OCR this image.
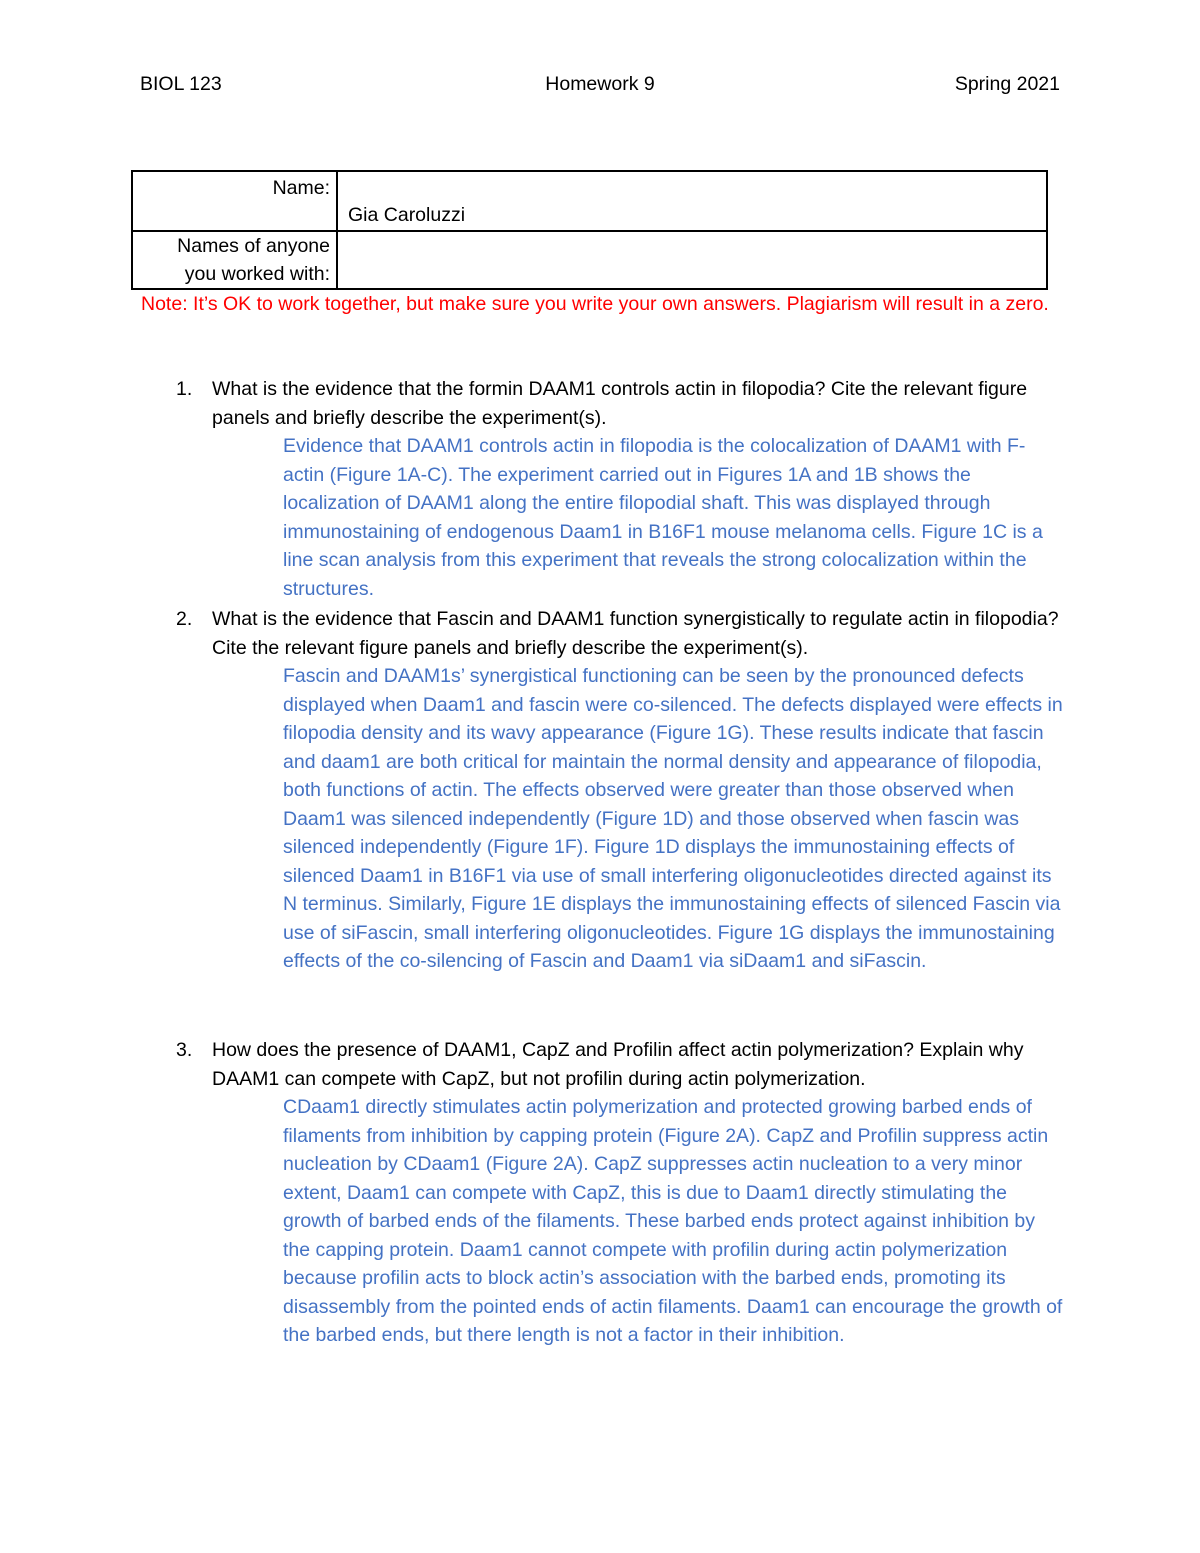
BIOL 123	Homework 9	Spring 2021
Name:	Gia Caroluzzi

Names of anyone
you worked with:	

Note: It’s OK to work together, but make sure you write your own answers. Plagiarism will result in a zero.
1. What is the evidence that the formin DAAM1 controls actin in filopodia? Cite the relevant figure panels and briefly describe the experiment(s).
Evidence that DAAM1 controls actin in filopodia is the colocalization of DAAM1 with F-actin (Figure 1A-C). The experiment carried out in Figures 1A and 1B shows the localization of DAAM1 along the entire filopodial shaft. This was displayed through immunostaining of endogenous Daam1 in B16F1 mouse melanoma cells. Figure 1C is a line scan analysis from this experiment that reveals the strong colocalization within the structures.
2. What is the evidence that Fascin and DAAM1 function synergistically to regulate actin in filopodia? Cite the relevant figure panels and briefly describe the experiment(s).
Fascin and DAAM1s’ synergistical functioning can be seen by the pronounced defects displayed when Daam1 and fascin were co-silenced. The defects displayed were effects in filopodia density and its wavy appearance (Figure 1G). These results indicate that fascin and daam1 are both critical for maintain the normal density and appearance of filopodia, both functions of actin. The effects observed were greater than those observed when Daam1 was silenced independently (Figure 1D) and those observed when fascin was silenced independently (Figure 1F). Figure 1D displays the immunostaining effects of silenced Daam1 in B16F1 via use of small interfering oligonucleotides directed against its N terminus. Similarly, Figure 1E displays the immunostaining effects of silenced Fascin via use of siFascin, small interfering oligonucleotides. Figure 1G displays the immunostaining effects of the co-silencing of Fascin and Daam1 via siDaam1 and siFascin.
3. How does the presence of DAAM1, CapZ and Profilin affect actin polymerization? Explain why DAAM1 can compete with CapZ, but not profilin during actin polymerization.
CDaam1 directly stimulates actin polymerization and protected growing barbed ends of filaments from inhibition by capping protein (Figure 2A). CapZ and Profilin suppress actin nucleation by CDaam1 (Figure 2A). CapZ suppresses actin nucleation to a very minor extent, Daam1 can compete with CapZ, this is due to Daam1 directly stimulating the growth of barbed ends of the filaments. These barbed ends protect against inhibition by the capping protein. Daam1 cannot compete with profilin during actin polymerization because profilin acts to block actin’s association with the barbed ends, promoting its disassembly from the pointed ends of actin filaments. Daam1 can encourage the growth of the barbed ends, but there length is not a factor in their inhibition.
